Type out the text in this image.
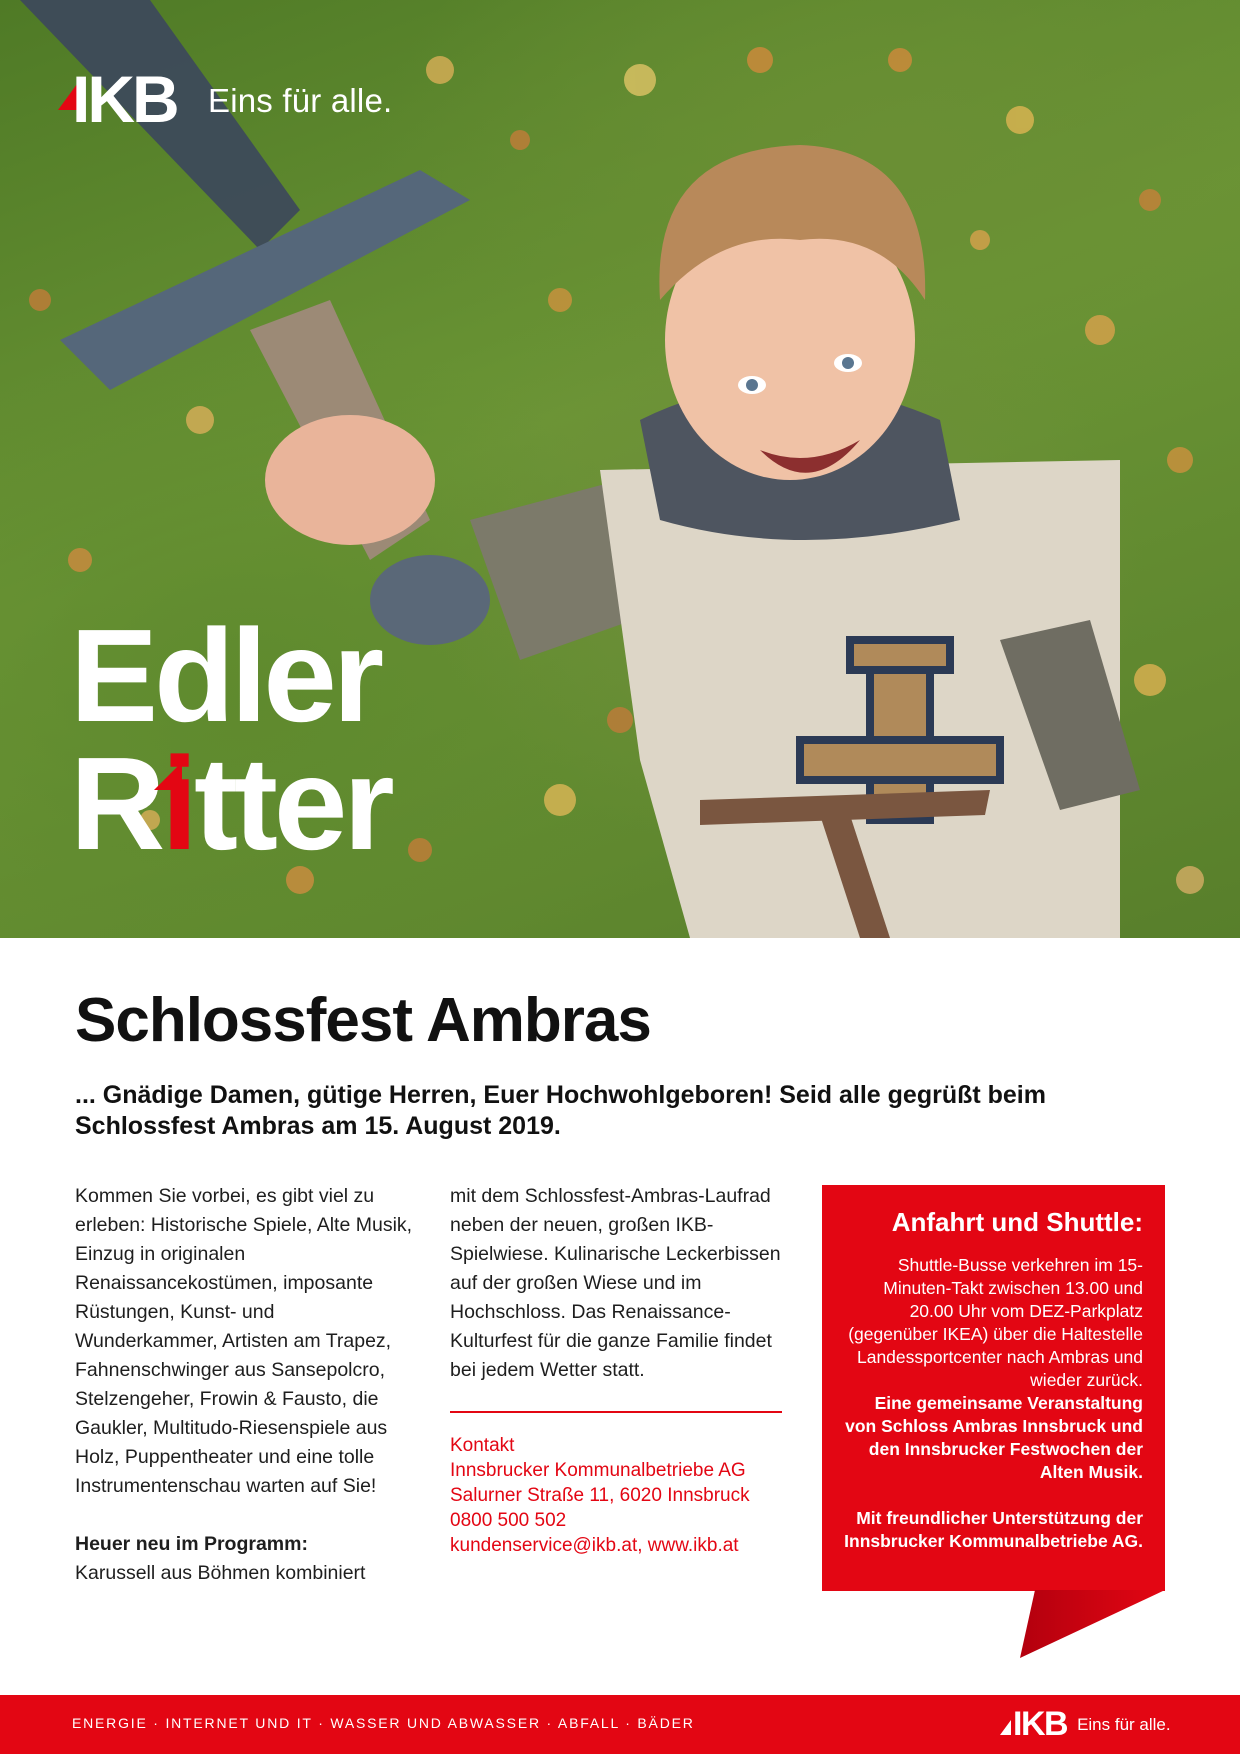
IKB Eins für alle.
Edler
Ritter
Schlossfest Ambras
... Gnädige Damen, gütige Herren, Euer Hochwohlgeboren! Seid alle gegrüßt beim Schlossfest Ambras am 15. August 2019.

Kommen Sie vorbei, es gibt viel zu erleben: Historische Spiele, Alte Musik, Einzug in originalen Renaissancekostümen, imposante Rüstungen, Kunst- und Wunderkammer, Artisten am Trapez, Fahnenschwinger aus Sansepolcro, Stelzengeher, Frowin & Fausto, die Gaukler, Multitudo-Riesenspiele aus Holz, Puppentheater und eine tolle Instrumentenschau warten auf Sie!

Heuer neu im Programm:

Karussell aus Böhmen kombiniert

mit dem Schlossfest-Ambras-Laufrad neben der neuen, großen IKB-Spielwiese. Kulinarische Leckerbissen auf der großen Wiese und im Hochschloss. Das Renaissance-Kulturfest für die ganze Familie findet bei jedem Wetter statt.

Kontakt
Innsbrucker Kommunalbetriebe AG
Salurner Straße 11, 6020 Innsbruck
0800 500 502
kundenservice@ikb.at, www.ikb.at
Anfahrt und Shuttle:
Shuttle-Busse verkehren im 15-Minuten-Takt zwischen 13.00 und 20.00 Uhr vom DEZ-Parkplatz (gegenüber IKEA) über die Haltestelle Landessportcenter nach Ambras und wieder zurück.
Eine gemeinsame Veranstaltung von Schloss Ambras Innsbruck und den Innsbrucker Festwochen der Alten Musik.
Mit freundlicher Unterstützung der Innsbrucker Kommunalbetriebe AG.
ENERGIE · INTERNET UND IT · WASSER UND ABWASSER · ABFALL · BÄDER	IKB Eins für alle.
